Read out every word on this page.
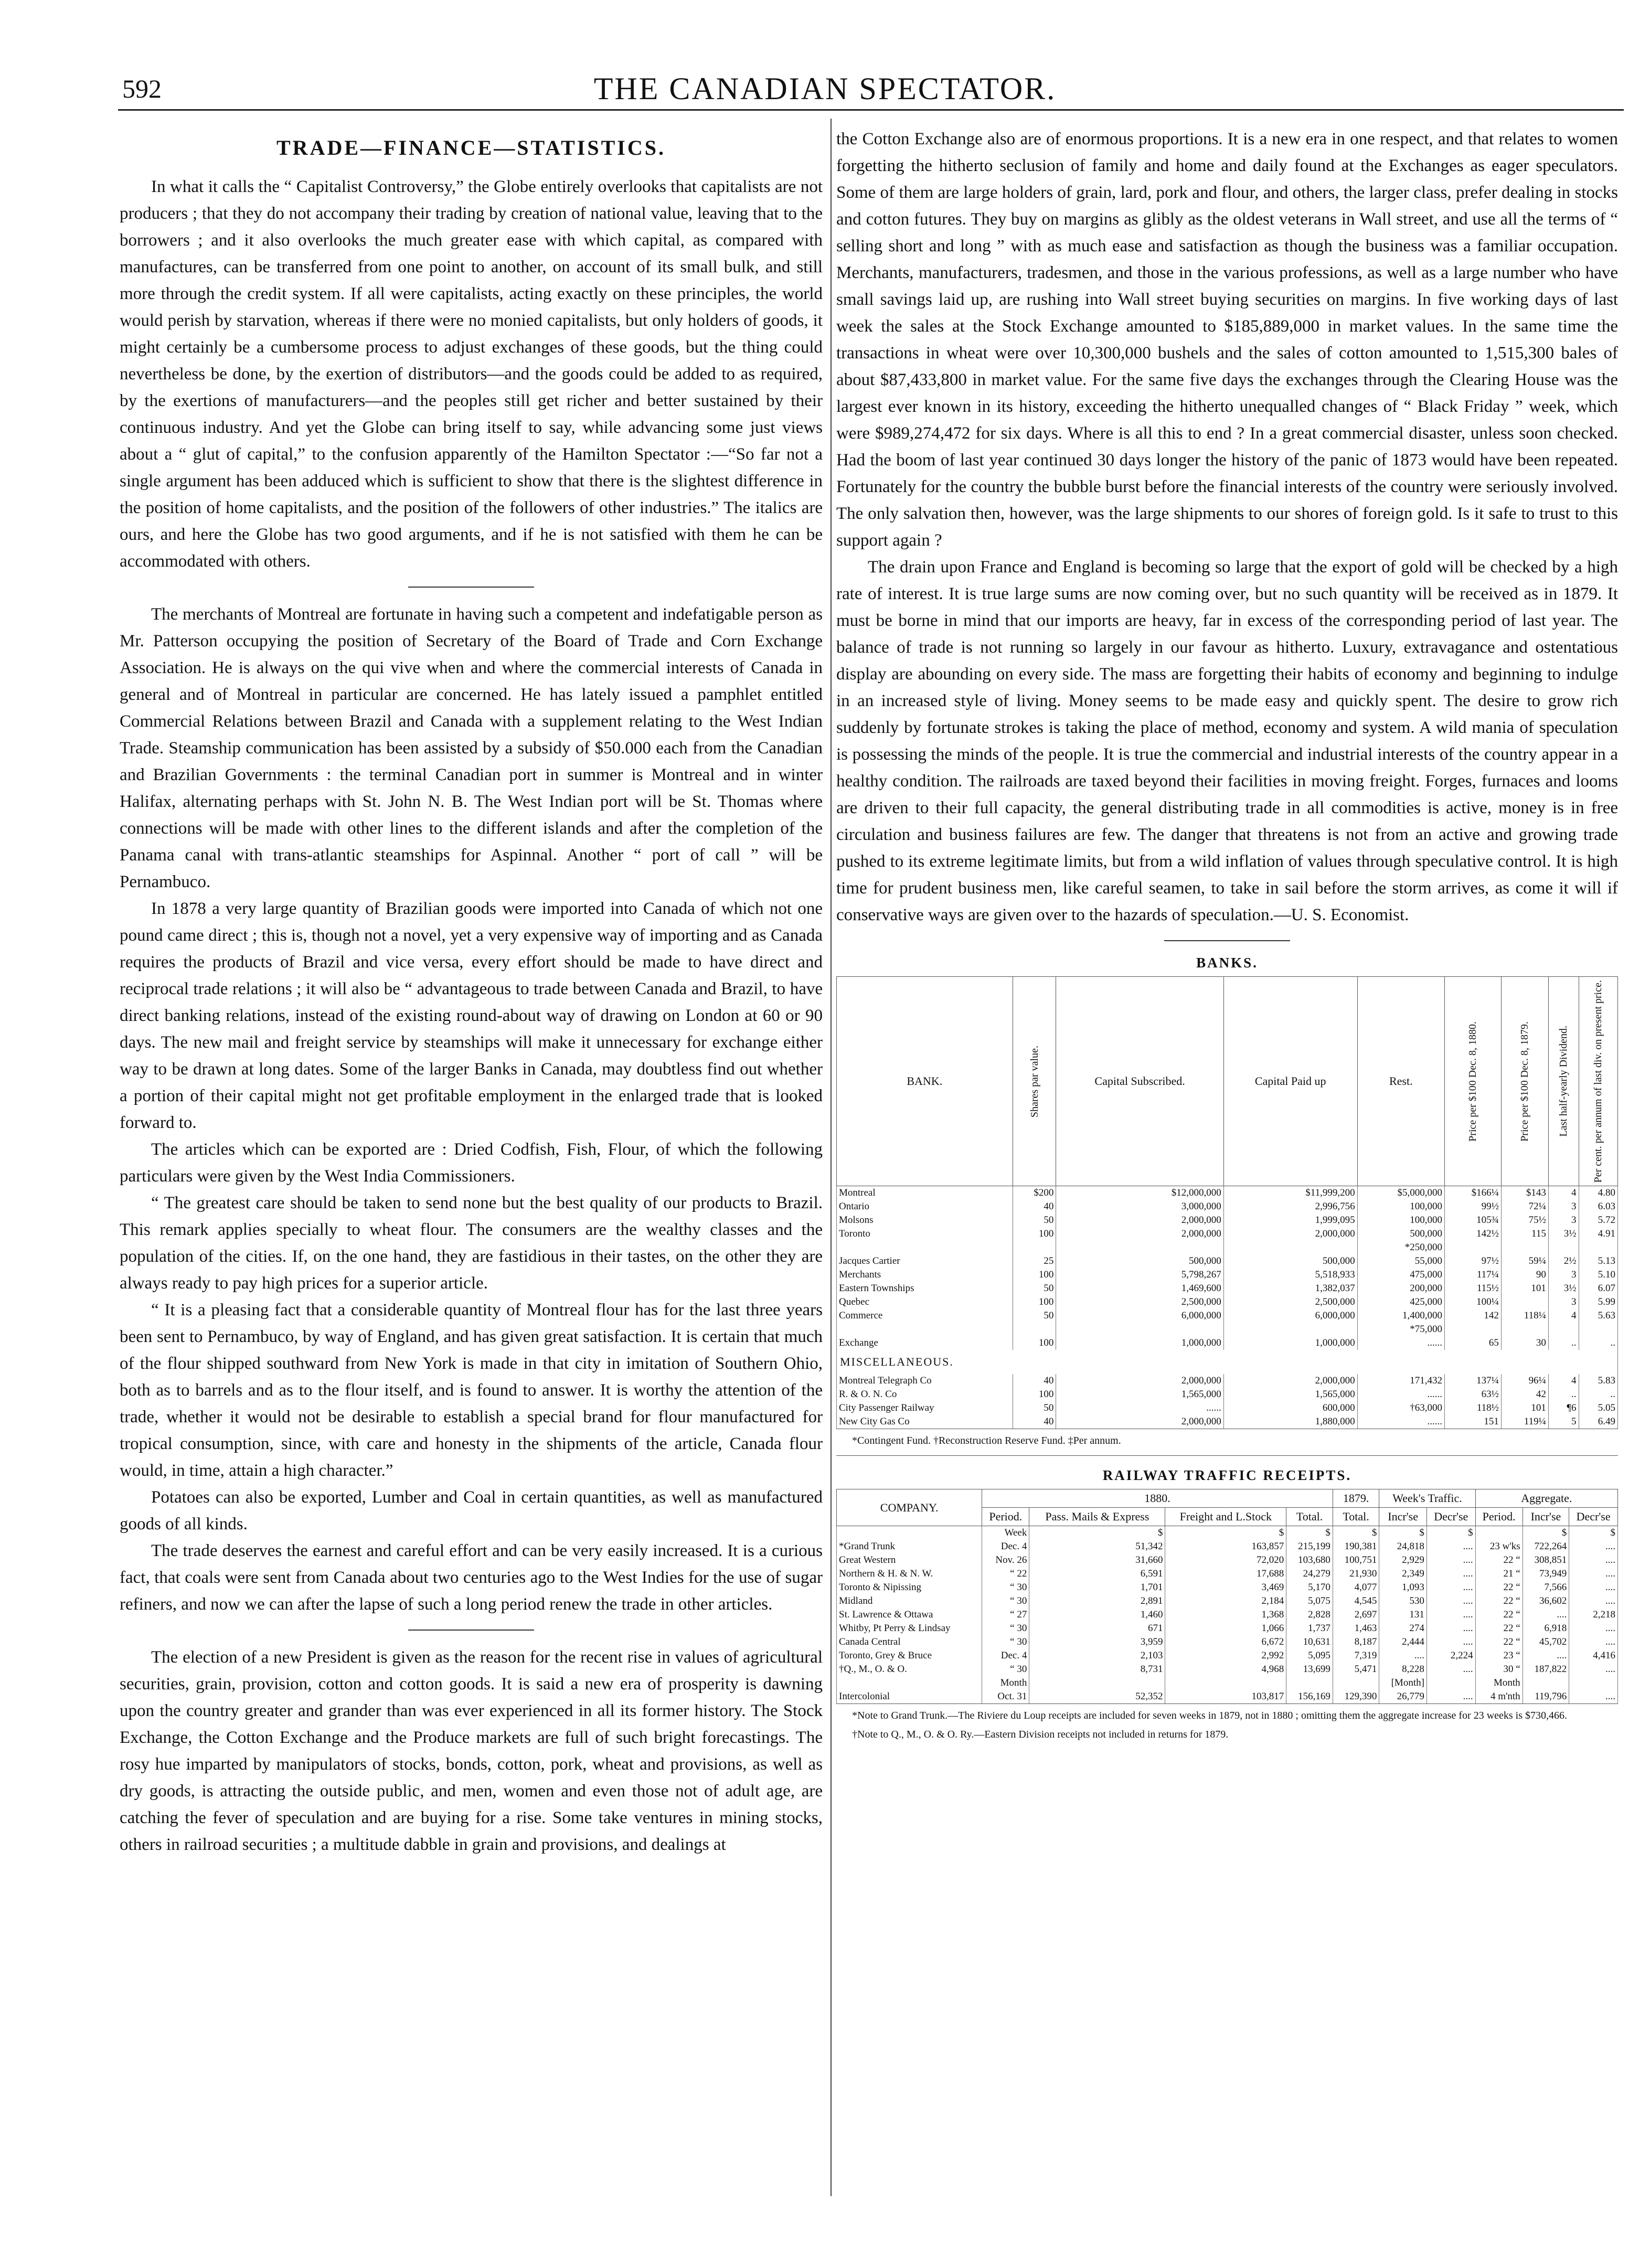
592	THE CANADIAN SPECTATOR.
TRADE—FINANCE—STATISTICS.

In what it calls the “ Capitalist Controversy,” the Globe entirely overlooks that capitalists are not producers ; that they do not accompany their trading by creation of national value, leaving that to the borrowers ; and it also overlooks the much greater ease with which capital, as compared with manufactures, can be transferred from one point to another, on account of its small bulk, and still more through the credit system. If all were capitalists, acting exactly on these principles, the world would perish by starvation, whereas if there were no monied capitalists, but only holders of goods, it might certainly be a cumbersome process to adjust exchanges of these goods, but the thing could nevertheless be done, by the exertion of distributors—and the goods could be added to as required, by the exertions of manufacturers—and the peoples still get richer and better sustained by their continuous industry. And yet the Globe can bring itself to say, while advancing some just views about a “ glut of capital,” to the confusion apparently of the Hamilton Spectator :—“So far not a single argument has been adduced which is sufficient to show that there is the slightest difference in the position of home capitalists, and the position of the followers of other industries.” The italics are ours, and here the Globe has two good arguments, and if he is not satisfied with them he can be accommodated with others.

The merchants of Montreal are fortunate in having such a competent and indefatigable person as Mr. Patterson occupying the position of Secretary of the Board of Trade and Corn Exchange Association. He is always on the qui vive when and where the commercial interests of Canada in general and of Montreal in particular are concerned. He has lately issued a pamphlet entitled Commercial Relations between Brazil and Canada with a supplement relating to the West Indian Trade. Steamship communication has been assisted by a subsidy of $50.000 each from the Canadian and Brazilian Governments : the terminal Canadian port in summer is Montreal and in winter Halifax, alternating perhaps with St. John N. B. The West Indian port will be St. Thomas where connections will be made with other lines to the different islands and after the completion of the Panama canal with trans-atlantic steamships for Aspinnal. Another “ port of call ” will be Pernambuco.

In 1878 a very large quantity of Brazilian goods were imported into Canada of which not one pound came direct ; this is, though not a novel, yet a very expensive way of importing and as Canada requires the products of Brazil and vice versa, every effort should be made to have direct and reciprocal trade relations ; it will also be “ advantageous to trade between Canada and Brazil, to have direct banking relations, instead of the existing round-about way of drawing on London at 60 or 90 days. The new mail and freight service by steamships will make it unnecessary for exchange either way to be drawn at long dates. Some of the larger Banks in Canada, may doubtless find out whether a portion of their capital might not get profitable employment in the enlarged trade that is looked forward to.

The articles which can be exported are : Dried Codfish, Fish, Flour, of which the following particulars were given by the West India Commissioners.

“ The greatest care should be taken to send none but the best quality of our products to Brazil. This remark applies specially to wheat flour. The consumers are the wealthy classes and the population of the cities. If, on the one hand, they are fastidious in their tastes, on the other they are always ready to pay high prices for a superior article.

“ It is a pleasing fact that a considerable quantity of Montreal flour has for the last three years been sent to Pernambuco, by way of England, and has given great satisfaction. It is certain that much of the flour shipped southward from New York is made in that city in imitation of Southern Ohio, both as to barrels and as to the flour itself, and is found to answer. It is worthy the attention of the trade, whether it would not be desirable to establish a special brand for flour manufactured for tropical consumption, since, with care and honesty in the shipments of the article, Canada flour would, in time, attain a high character.”

Potatoes can also be exported, Lumber and Coal in certain quantities, as well as manufactured goods of all kinds.

The trade deserves the earnest and careful effort and can be very easily increased. It is a curious fact, that coals were sent from Canada about two centuries ago to the West Indies for the use of sugar refiners, and now we can after the lapse of such a long period renew the trade in other articles.

The election of a new President is given as the reason for the recent rise in values of agricultural securities, grain, provision, cotton and cotton goods. It is said a new era of prosperity is dawning upon the country greater and grander than was ever experienced in all its former history. The Stock Exchange, the Cotton Exchange and the Produce markets are full of such bright forecastings. The rosy hue imparted by manipulators of stocks, bonds, cotton, pork, wheat and provisions, as well as dry goods, is attracting the outside public, and men, women and even those not of adult age, are catching the fever of speculation and are buying for a rise. Some take ventures in mining stocks, others in railroad securities ; a multitude dabble in grain and provisions, and dealings at

the Cotton Exchange also are of enormous proportions. It is a new era in one respect, and that relates to women forgetting the hitherto seclusion of family and home and daily found at the Exchanges as eager speculators. Some of them are large holders of grain, lard, pork and flour, and others, the larger class, prefer dealing in stocks and cotton futures. They buy on margins as glibly as the oldest veterans in Wall street, and use all the terms of “ selling short and long ” with as much ease and satisfaction as though the business was a familiar occupation. Merchants, manufacturers, tradesmen, and those in the various professions, as well as a large number who have small savings laid up, are rushing into Wall street buying securities on margins. In five working days of last week the sales at the Stock Exchange amounted to $185,889,000 in market values. In the same time the transactions in wheat were over 10,300,000 bushels and the sales of cotton amounted to 1,515,300 bales of about $87,433,800 in market value. For the same five days the exchanges through the Clearing House was the largest ever known in its history, exceeding the hitherto unequalled changes of “ Black Friday ” week, which were $989,274,472 for six days. Where is all this to end ? In a great commercial disaster, unless soon checked. Had the boom of last year continued 30 days longer the history of the panic of 1873 would have been repeated. Fortunately for the country the bubble burst before the financial interests of the country were seriously involved. The only salvation then, however, was the large shipments to our shores of foreign gold. Is it safe to trust to this support again ?

The drain upon France and England is becoming so large that the export of gold will be checked by a high rate of interest. It is true large sums are now coming over, but no such quantity will be received as in 1879. It must be borne in mind that our imports are heavy, far in excess of the corresponding period of last year. The balance of trade is not running so largely in our favour as hitherto. Luxury, extravagance and ostentatious display are abounding on every side. The mass are forgetting their habits of economy and beginning to indulge in an increased style of living. Money seems to be made easy and quickly spent. The desire to grow rich suddenly by fortunate strokes is taking the place of method, economy and system. A wild mania of speculation is possessing the minds of the people. It is true the commercial and industrial interests of the country appear in a healthy condition. The railroads are taxed beyond their facilities in moving freight. Forges, furnaces and looms are driven to their full capacity, the general distributing trade in all commodities is active, money is in free circulation and business failures are few. The danger that threatens is not from an active and growing trade pushed to its extreme legitimate limits, but from a wild inflation of values through speculative control. It is high time for prudent business men, like careful seamen, to take in sail before the storm arrives, as come it will if conservative ways are given over to the hazards of speculation.—U. S. Economist.

BANKS.
BANK.	Shares par value.	Capital Subscribed.	Capital Paid up	Rest.	Price per $100 Dec. 8, 1880.	Price per $100 Dec. 8, 1879.	Last half-yearly Dividend.	Per cent. per annum of last div. on present price.

Montreal	$200	$12,000,000	$11,999,200	$5,000,000	$166¼	$143	4	4.80
Ontario	40	3,000,000	2,996,756	100,000	99½	72¼	3	6.03
Molsons	50	2,000,000	1,999,095	100,000	105¾	75½	3	5.72
Toronto	100	2,000,000	2,000,000	500,000	142½	115	3½	4.91
				*250,000				
Jacques Cartier	25	500,000	500,000	55,000	97½	59¼	2½	5.13
Merchants	100	5,798,267	5,518,933	475,000	117¼	90	3	5.10
Eastern Townships	50	1,469,600	1,382,037	200,000	115½	101	3½	6.07
Quebec	100	2,500,000	2,500,000	425,000	100¼		3	5.99
Commerce	50	6,000,000	6,000,000	1,400,000	142	118¼	4	5.63
				*75,000				
Exchange	100	1,000,000	1,000,000	......	65	30	..	..
MISCELLANEOUS.								
Montreal Telegraph Co	40	2,000,000	2,000,000	171,432	137¼	96¼	4	5.83
R. & O. N. Co	100	1,565,000	1,565,000	......	63½	42	..	..
City Passenger Railway	50	......	600,000	†63,000	118½	101	¶6	5.05
New City Gas Co	40	2,000,000	1,880,000	......	151	119¼	5	6.49
*Contingent Fund. †Reconstruction Reserve Fund. ‡Per annum.
RAILWAY TRAFFIC RECEIPTS.
COMPANY.	1880.				1879.	Week's Traffic.		Aggregate.		
	Period.	Pass. Mails & Express	Freight and L.Stock	Total.	Total.	Incr'se	Decr'se	Period.	Incr'se	Decr'se
	Week	$	$	$	$	$	$		$	$
*Grand Trunk	Dec. 4	51,342	163,857	215,199	190,381	24,818	....	23 w'ks	722,264	....
Great Western	Nov. 26	31,660	72,020	103,680	100,751	2,929	....	22 “	308,851	....
Northern & H. & N. W.	“ 22	6,591	17,688	24,279	21,930	2,349	....	21 “	73,949	....
Toronto & Nipissing	“ 30	1,701	3,469	5,170	4,077	1,093	....	22 “	7,566	....
Midland	“ 30	2,891	2,184	5,075	4,545	530	....	22 “	36,602	....
St. Lawrence & Ottawa	“ 27	1,460	1,368	2,828	2,697	131	....	22 “	....	2,218
Whitby, Pt Perry & Lindsay	“ 30	671	1,066	1,737	1,463	274	....	22 “	6,918	....
Canada Central	“ 30	3,959	6,672	10,631	8,187	2,444	....	22 “	45,702	....
Toronto, Grey & Bruce	Dec. 4	2,103	2,992	5,095	7,319	....	2,224	23 “	....	4,416
†Q., M., O. & O.	“ 30	8,731	4,968	13,699	5,471	8,228	....	30 “	187,822	....
	Month					[Month]		Month		
Intercolonial	Oct. 31	52,352	103,817	156,169	129,390	26,779	....	4 m'nth	119,796	....
*Note to Grand Trunk.—The Riviere du Loup receipts are included for seven weeks in 1879, not in 1880 ; omitting them the aggregate increase for 23 weeks is $730,466.
†Note to Q., M., O. & O. Ry.—Eastern Division receipts not included in returns for 1879.
